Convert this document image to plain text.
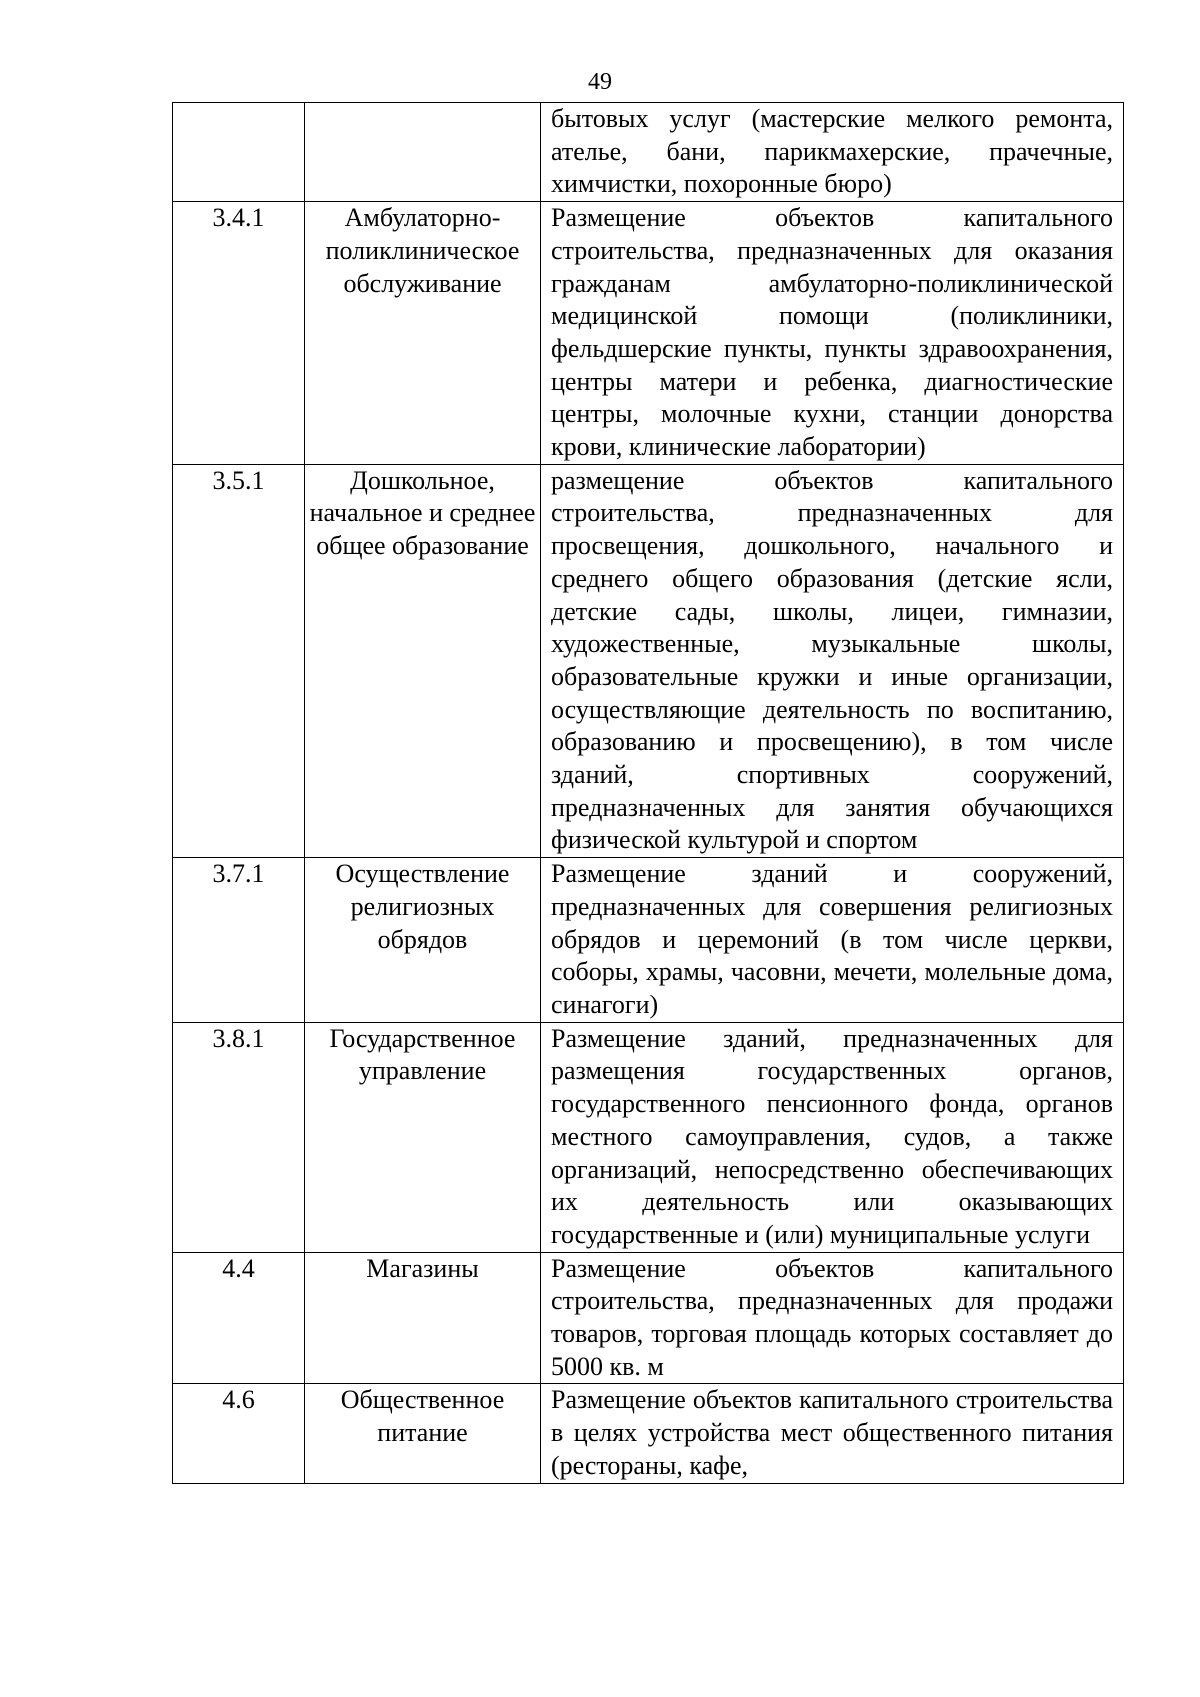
49
		бытовых услуг (мастерские мелкого ремонта, ателье, бани, парикмахерские, прачечные, химчистки, похоронные бюро)
3.4.1	Амбулаторно-поликлиническое обслуживание	Размещение объектов капитального строительства, предназначенных для оказания гражданам амбулаторно-поликлинической медицинской помощи (поликлиники, фельдшерские пункты, пункты здравоохранения, центры матери и ребенка, диагностические центры, молочные кухни, станции донорства крови, клинические лаборатории)
3.5.1	Дошкольное, начальное и среднее общее образование	размещение объектов капитального строительства, предназначенных для просвещения, дошкольного, начального и среднего общего образования (детские ясли, детские сады, школы, лицеи, гимназии, художественные, музыкальные школы, образовательные кружки и иные организации, осуществляющие деятельность по воспитанию, образованию и просвещению), в том числе зданий, спортивных сооружений, предназначенных для занятия обучающихся физической культурой и спортом
3.7.1	Осуществление религиозных обрядов	Размещение зданий и сооружений, предназначенных для совершения религиозных обрядов и церемоний (в том числе церкви, соборы, храмы, часовни, мечети, молельные дома, синагоги)
3.8.1	Государственное управление	Размещение зданий, предназначенных для размещения государственных органов, государственного пенсионного фонда, органов местного самоуправления, судов, а также организаций, непосредственно обеспечивающих их деятельность или оказывающих государственные и (или) муниципальные услуги
4.4	Магазины	Размещение объектов капитального строительства, предназначенных для продажи товаров, торговая площадь которых составляет до 5000 кв. м
4.6	Общественное питание	Размещение объектов капитального строительства в целях устройства мест общественного питания (рестораны, кафе,
